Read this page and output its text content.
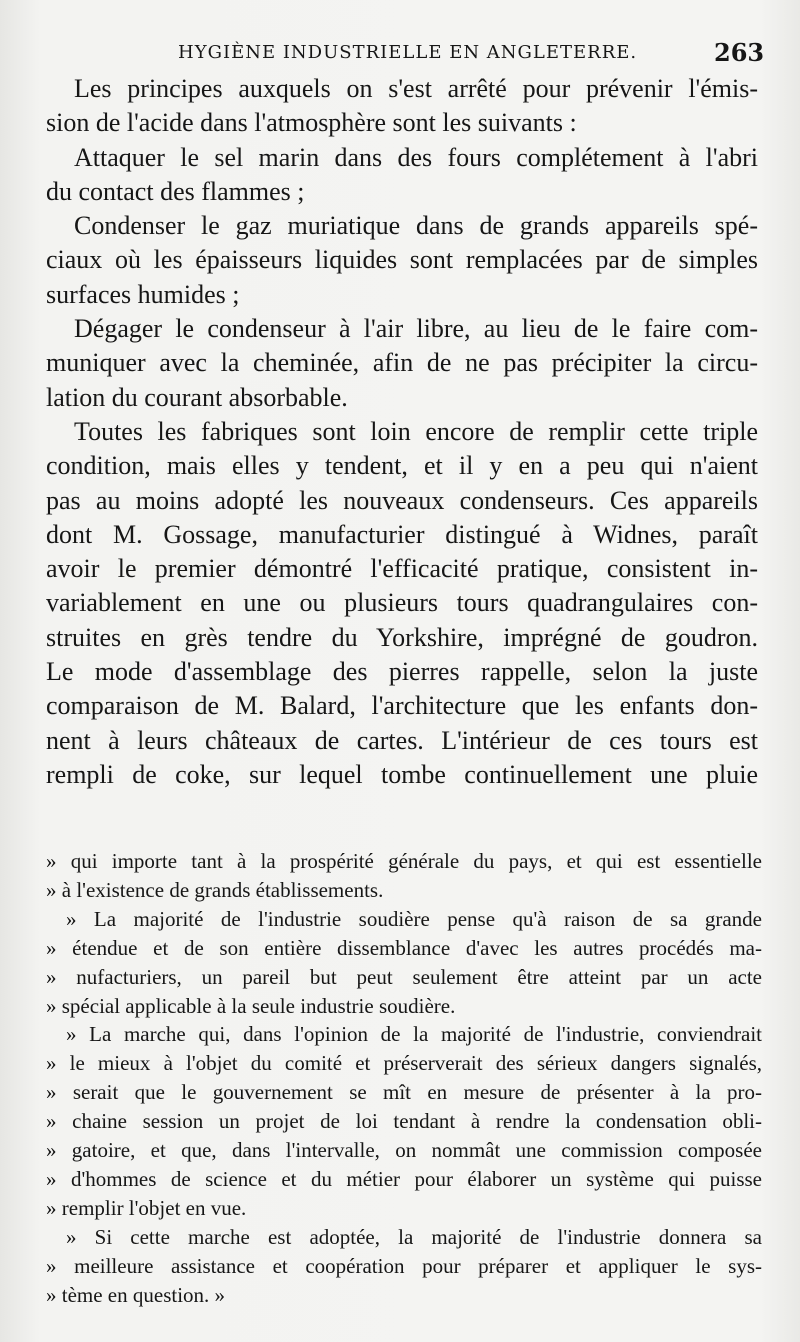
HYGIÈNE INDUSTRIELLE EN ANGLETERRE.	263

Les principes auxquels on s'est arrêté pour prévenir l'émis-

sion de l'acide dans l'atmosphère sont les suivants :

Attaquer le sel marin dans des fours complétement à l'abri

du contact des flammes ;

Condenser le gaz muriatique dans de grands appareils spé-

ciaux où les épaisseurs liquides sont remplacées par de simples

surfaces humides ;

Dégager le condenseur à l'air libre, au lieu de le faire com-

muniquer avec la cheminée, afin de ne pas précipiter la circu-

lation du courant absorbable.

Toutes les fabriques sont loin encore de remplir cette triple

condition, mais elles y tendent, et il y en a peu qui n'aient

pas au moins adopté les nouveaux condenseurs. Ces appareils

dont M. Gossage, manufacturier distingué à Widnes, paraît

avoir le premier démontré l'efficacité pratique, consistent in-

variablement en une ou plusieurs tours quadrangulaires con-

struites en grès tendre du Yorkshire, imprégné de goudron.

Le mode d'assemblage des pierres rappelle, selon la juste

comparaison de M. Balard, l'architecture que les enfants don-

nent à leurs châteaux de cartes. L'intérieur de ces tours est

rempli de coke, sur lequel tombe continuellement une pluie

» qui importe tant à la prospérité générale du pays, et qui est essentielle

» à l'existence de grands établissements.

» La majorité de l'industrie soudière pense qu'à raison de sa grande

» étendue et de son entière dissemblance d'avec les autres procédés ma-

» nufacturiers, un pareil but peut seulement être atteint par un acte

» spécial applicable à la seule industrie soudière.

» La marche qui, dans l'opinion de la majorité de l'industrie, conviendrait

» le mieux à l'objet du comité et préserverait des sérieux dangers signalés,

» serait que le gouvernement se mît en mesure de présenter à la pro-

» chaine session un projet de loi tendant à rendre la condensation obli-

» gatoire, et que, dans l'intervalle, on nommât une commission composée

» d'hommes de science et du métier pour élaborer un système qui puisse

» remplir l'objet en vue.

» Si cette marche est adoptée, la majorité de l'industrie donnera sa

» meilleure assistance et coopération pour préparer et appliquer le sys-

» tème en question. »
